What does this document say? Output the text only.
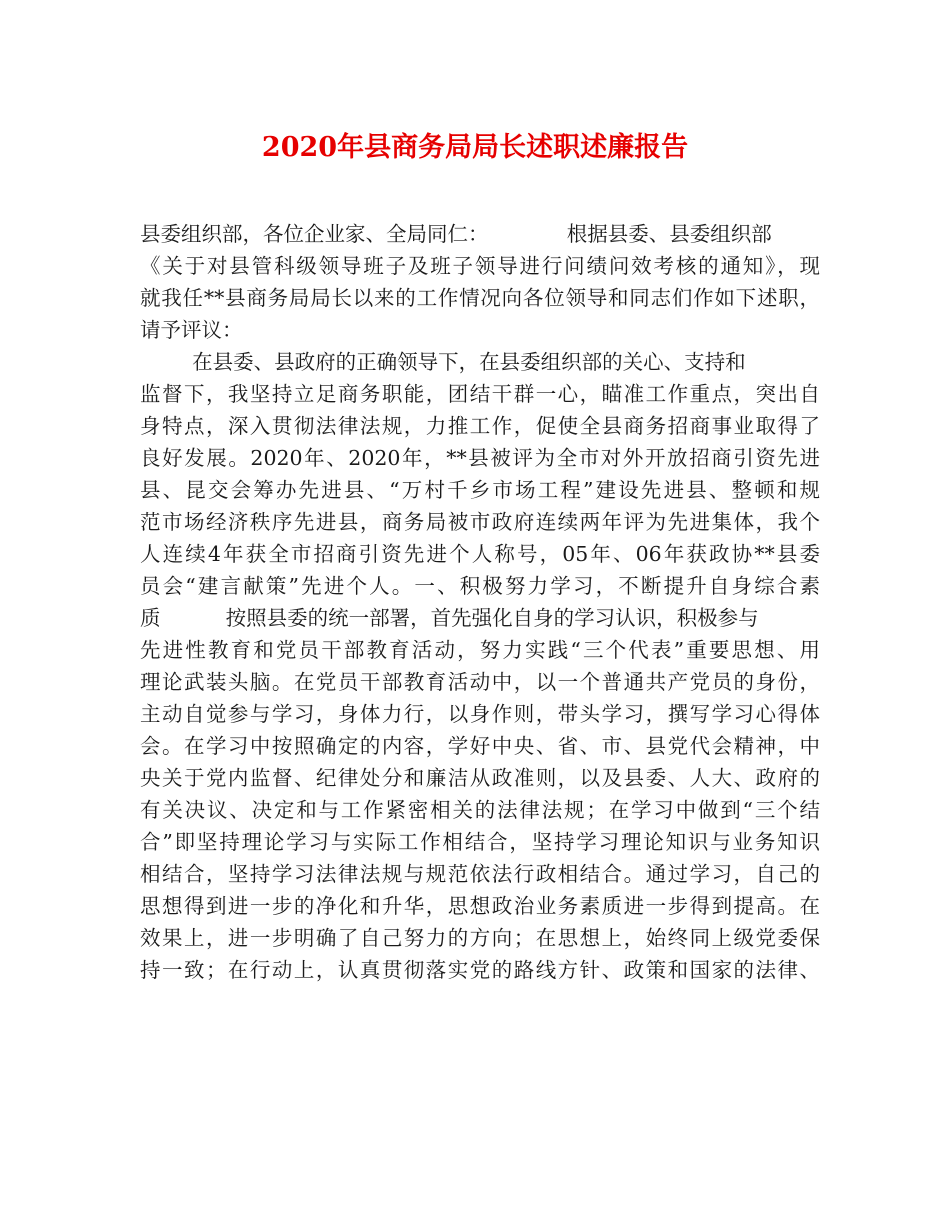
2020年县商务局局长述职述廉报告
县委组织部，各位企业家、全局同仁：            根据县委、县委组织部
《关于对县管科级领导班子及班子领导进行问绩问效考核的通知》，现
就我任**县商务局局长以来的工作情况向各位领导和同志们作如下述职，
请予评议：
在县委、县政府的正确领导下，在县委组织部的关心、支持和
监督下，我坚持立足商务职能，团结干群一心，瞄准工作重点，突出自
身特点，深入贯彻法律法规，力推工作，促使全县商务招商事业取得了
良好发展。2020年、2020年，**县被评为全市对外开放招商引资先进
县、昆交会筹办先进县、“万村千乡市场工程”建设先进县、整顿和规
范市场经济秩序先进县，商务局被市政府连续两年评为先进集体，我个
人连续4年获全市招商引资先进个人称号，05年、06年获政协**县委
员会“建言献策”先进个人。一、积极努力学习，不断提升自身综合素
质          按照县委的统一部署，首先强化自身的学习认识，积极参与
先进性教育和党员干部教育活动，努力实践“三个代表”重要思想、用
理论武装头脑。在党员干部教育活动中，以一个普通共产党员的身份，
主动自觉参与学习，身体力行，以身作则，带头学习，撰写学习心得体
会。在学习中按照确定的内容，学好中央、省、市、县党代会精神，中
央关于党内监督、纪律处分和廉洁从政准则，以及县委、人大、政府的
有关决议、决定和与工作紧密相关的法律法规；在学习中做到“三个结
合”即坚持理论学习与实际工作相结合，坚持学习理论知识与业务知识
相结合，坚持学习法律法规与规范依法行政相结合。通过学习，自己的
思想得到进一步的净化和升华，思想政治业务素质进一步得到提高。在
效果上，进一步明确了自己努力的方向；在思想上，始终同上级党委保
持一致；在行动上，认真贯彻落实党的路线方针、政策和国家的法律、
